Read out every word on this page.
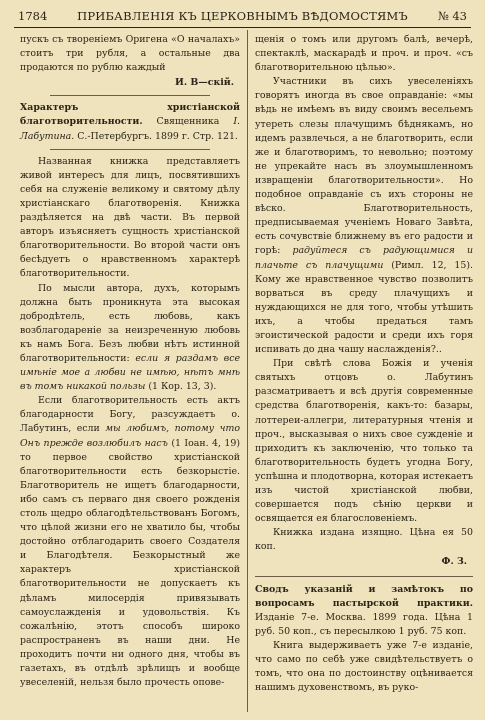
1784	ПРИБАВЛЕНІЯ КЪ ЦЕРКОВНЫМЪ ВѢДОМОСТЯМЪ	№ 43

пускъ съ твореніемъ Оригена «О началахъ» стоитъ три рубля, а остальные два продаются по рублю каждый

И. В—скій.

Характеръ христіанской благотворительности. Священника І. Лабутина. С.-Петербургъ. 1899 г. Стр. 121.

Названная книжка представляетъ живой интересъ для лицъ, посвятившихъ себя на служеніе великому и святому дѣлу христіанскаго благотворенія. Книжка раздѣляется на двѣ части. Въ первой авторъ изъясняетъ сущность христіанской благотворительности. Во второй части онъ бесѣдуетъ о нравственномъ характерѣ благотворительности.

По мысли автора, духъ, которымъ должна быть проникнута эта высокая добродѣтель, есть любовь, какъ возблагодареніе за неизреченную любовь къ намъ Бога. Безъ любви нѣтъ истинной благотворительности: если я раздамъ все имѣніе мое а любви не имѣю, нѣтъ мнѣ въ томъ никакой пользы (1 Кор. 13, 3).

Если благотворительность есть актъ благодарности Богу, разсуждаетъ о. Лабутинъ, если мы любимъ, потому что Онъ прежде возлюбилъ насъ (1 Іоан. 4, 19) то первое свойство христіанской благотворительности есть безкорыстіе. Благотворитель не ищетъ благодарности, ибо самъ съ перваго дня своего рожденія столь щедро облагодѣтельствованъ Богомъ, что цѣлой жизни его не хватило бы, чтобы достойно отблагодарить своего Создателя и Благодѣтеля. Безкорыстный же характеръ христіанской благотворительности не допускаетъ къ дѣламъ милосердія привязывать самоуслажденія и удовольствія. Къ сожалѣнію, этотъ способъ широко распространенъ въ наши дни. Не проходитъ почти ни одного дня, чтобы въ газетахъ, въ отдѣлѣ зрѣлищъ и вообще увеселеній, нельзя было прочесть опове-

щенія о томъ или другомъ балѣ, вечерѣ, спектаклѣ, маскарадѣ и проч. и проч. «съ благотворительною цѣлью».

Участники въ сихъ увеселеніяхъ говорятъ иногда въ свое оправданіе: «мы вѣдь не имѣемъ въ виду своимъ весельемъ утереть слезы плачущимъ бѣднякамъ, но идемъ развлечься, а не благотворить, если же и благотворимъ, то невольно; поэтому не упрекайте насъ въ злоумышленномъ извращеніи благотворительности». Но подобное оправданіе съ ихъ стороны не вѣско. Благотворительность, предписываемая ученіемъ Новаго Завѣта, есть сочувствіе ближнему въ его радости и горѣ: радуйтеся съ радующимися и плачьте съ плачущими (Римл. 12, 15). Кому же нравственное чувство позволитъ ворваться въ среду плачущихъ и нуждающихся не для того, чтобы утѣшить ихъ, а чтобы предаться тамъ эгоистической радости и среди ихъ горя испивать до дна чашу наслажденія?..

При свѣтѣ слова Божія и ученія святыхъ отцовъ о. Лабутинъ разсматриваетъ и всѣ другія современные средства благотворенія, какъ-то: базары, лоттереи-аллегри, литературныя чтенія и проч., высказывая о нихъ свое сужденіе и приходитъ къ заключенію, что только та благотворительность будетъ угодна Богу, успѣшна и плодотворна, которая истекаетъ изъ чистой христіанской любви, совершается подъ сѣнію церкви и освящается ея благословеніемъ.

Книжка издана изящно. Цѣна ея 50 коп.

Ф. З.

Сводъ указаній и замѣтокъ по вопросамъ пастырской практики. Изданіе 7-е. Москва. 1899 года. Цѣна 1 руб. 50 коп., съ пересылкою 1 руб. 75 коп.

Книга выдерживаетъ уже 7-е изданіе, что само по себѣ уже свидѣтельствуетъ о томъ, что она по достоинству оцѣнивается нашимъ духовенствомъ, въ руко-
